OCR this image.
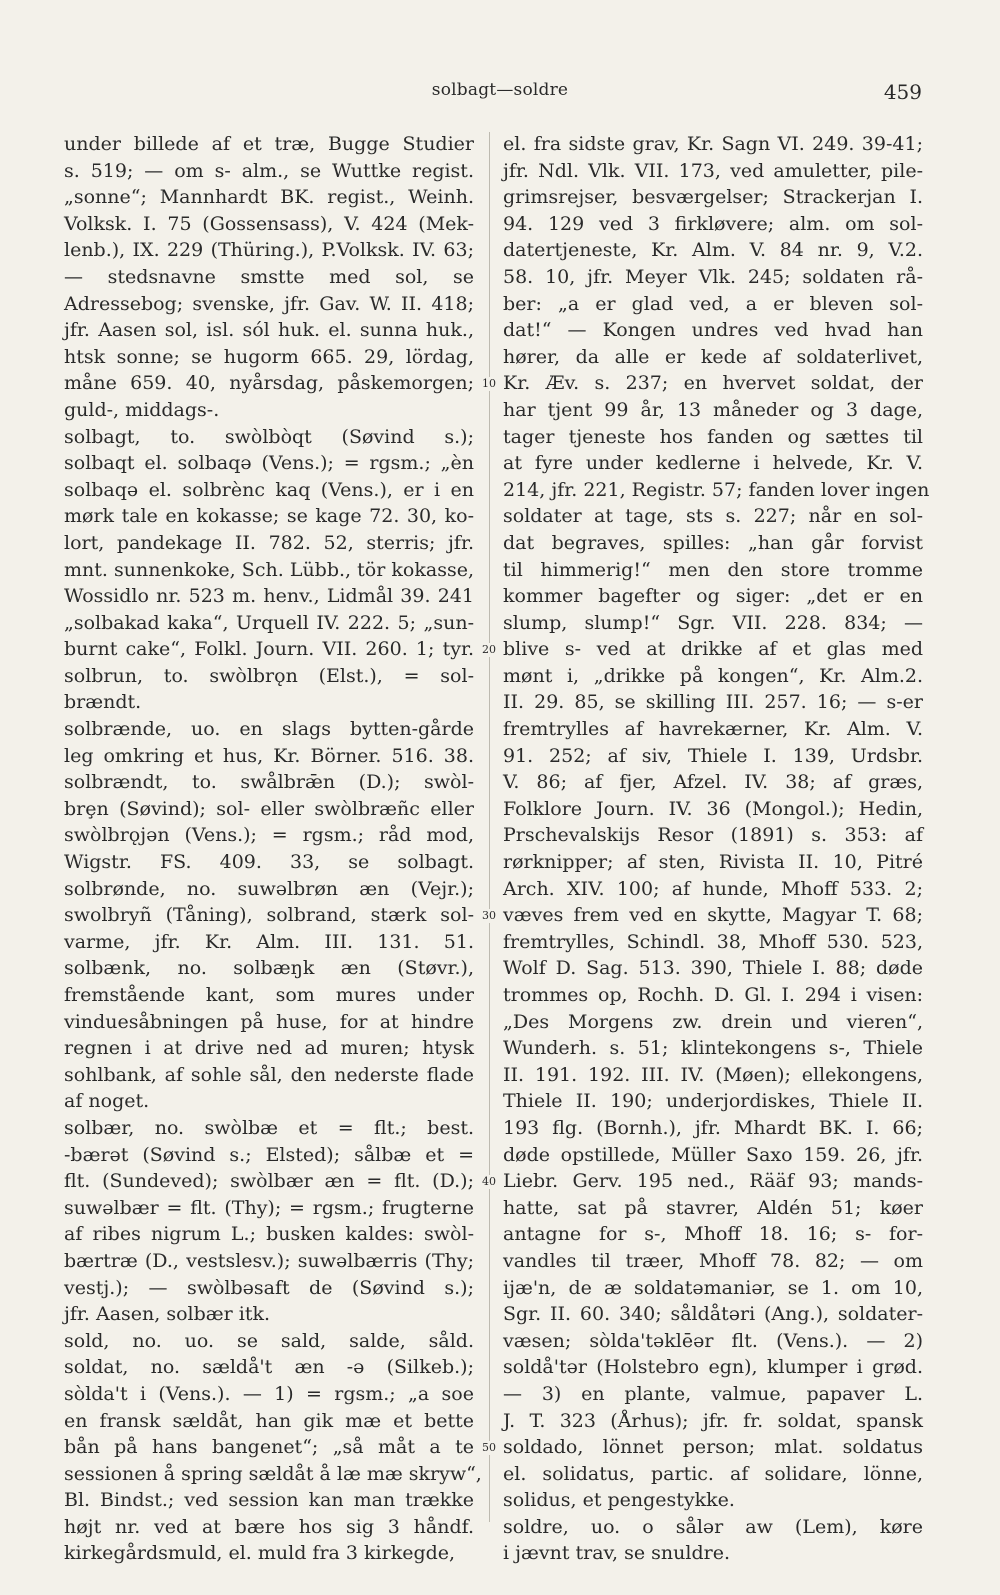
solbagt—soldre	459
under billede af et træ, Bugge Studier
s. 519; — om s- alm., se Wuttke regist.
„sonne“; Mannhardt BK. regist., Weinh.
Volksk. I. 75 (Gossensass), V. 424 (Mek-
lenb.), IX. 229 (Thüring.), P.Volksk. IV. 63;
— stedsnavne smstte med sol, se
Adressebog; svenske, jfr. Gav. W. II. 418;
jfr. Aasen sol, isl. sól huk. el. sunna huk.,
htsk sonne; se hugorm 665. 29, lördag,
måne 659. 40, nyårsdag, påskemorgen;
guld-, middags-.
solbagt, to. swòlbòqt (Søvind s.);
solbaqt el. solbaqə (Vens.); = rgsm.; „èn
solbaqə el. solbrènc kaq (Vens.), er i en
mørk tale en kokasse; se kage 72. 30, ko-
lort, pandekage II. 782. 52, sterris; jfr.
mnt. sunnenkoke, Sch. Lübb., tör kokasse,
Wossidlo nr. 523 m. henv., Lidmål 39. 241
„solbakad kaka“, Urquell IV. 222. 5; „sun-
burnt cake“, Folkl. Journ. VII. 260. 1; tyr.
solbrun, to. swòlbrǫn (Elst.), = sol-
brændt.
solbrænde, uo. en slags bytten-gårde
leg omkring et hus, Kr. Börner. 516. 38.
solbrændt, to. swålbrǣn (D.); swòl-
brȩn (Søvind); sol- eller swòlbræñc eller
swòlbrǫjən (Vens.); = rgsm.; råd mod,
Wigstr. FS. 409. 33, se solbagt.
solbrønde, no. suwəlbrøn æn (Vejr.);
swolbryñ (Tåning), solbrand, stærk sol-
varme, jfr. Kr. Alm. III. 131. 51.
solbænk, no. solbæŋk æn (Støvr.),
fremstående kant, som mures under
vinduesåbningen på huse, for at hindre
regnen i at drive ned ad muren; htysk
sohlbank, af sohle sål, den nederste flade
af noget.
solbær, no. swòlbæ et = flt.; best.
-bærət (Søvind s.; Elsted); sålbæ et =
flt. (Sundeved); swòlbær æn = flt. (D.);
suwəlbær = flt. (Thy); = rgsm.; frugterne
af ribes nigrum L.; busken kaldes: swòl-
bærtræ (D., vestslesv.); suwəlbærris (Thy;
vestj.); — swòlbəsaft de (Søvind s.);
jfr. Aasen, solbær itk.
sold, no. uo. se sald, salde, såld.
soldat, no. sældå't æn -ə (Silkeb.);
sòlda't i (Vens.). — 1) = rgsm.; „a soe
en fransk sældåt, han gik mæ et bette
bån på hans bangenet“; „så måt a te
sessionen å spring sældåt å læ mæ skryw“,
Bl. Bindst.; ved session kan man trække
højt nr. ved at bære hos sig 3 håndf.
kirkegårdsmuld, el. muld fra 3 kirkegde,
el. fra sidste grav, Kr. Sagn VI. 249. 39-41;
jfr. Ndl. Vlk. VII. 173, ved amuletter, pile-
grimsrejser, besværgelser; Strackerjan I.
94. 129 ved 3 firkløvere; alm. om sol-
datertjeneste, Kr. Alm. V. 84 nr. 9, V.2.
58. 10, jfr. Meyer Vlk. 245; soldaten rå-
ber: „a er glad ved, a er bleven sol-
dat!“ — Kongen undres ved hvad han
hører, da alle er kede af soldaterlivet,
Kr. Æv. s. 237; en hvervet soldat, der
har tjent 99 år, 13 måneder og 3 dage,
tager tjeneste hos fanden og sættes til
at fyre under kedlerne i helvede, Kr. V.
214, jfr. 221, Registr. 57; fanden lover ingen
soldater at tage, sts s. 227; når en sol-
dat begraves, spilles: „han går forvist
til himmerig!“ men den store tromme
kommer bagefter og siger: „det er en
slump, slump!“ Sgr. VII. 228. 834; —
blive s- ved at drikke af et glas med
mønt i, „drikke på kongen“, Kr. Alm.2.
II. 29. 85, se skilling III. 257. 16; — s-er
fremtrylles af havrekærner, Kr. Alm. V.
91. 252; af siv, Thiele I. 139, Urdsbr.
V. 86; af fjer, Afzel. IV. 38; af græs,
Folklore Journ. IV. 36 (Mongol.); Hedin,
Prschevalskijs Resor (1891) s. 353: af
rørknipper; af sten, Rivista II. 10, Pitré
Arch. XIV. 100; af hunde, Mhoff 533. 2;
væves frem ved en skytte, Magyar T. 68;
fremtrylles, Schindl. 38, Mhoff 530. 523,
Wolf D. Sag. 513. 390, Thiele I. 88; døde
trommes op, Rochh. D. Gl. I. 294 i visen:
„Des Morgens zw. drein und vieren“,
Wunderh. s. 51; klintekongens s-, Thiele
II. 191. 192. III. IV. (Møen); ellekongens,
Thiele II. 190; underjordiskes, Thiele II.
193 flg. (Bornh.), jfr. Mhardt BK. I. 66;
døde opstillede, Müller Saxo 159. 26, jfr.
Liebr. Gerv. 195 ned., Rääf 93; mands-
hatte, sat på stavrer, Aldén 51; køer
antagne for s-, Mhoff 18. 16; s- for-
vandles til træer, Mhoff 78. 82; — om
ijæ'n, de æ soldatəmaniər, se 1. om 10,
Sgr. II. 60. 340; såldåtəri (Ang.), soldater-
væsen; sòlda'təklēər flt. (Vens.). — 2)
soldå'tər (Holstebro egn), klumper i grød.
— 3) en plante, valmue, papaver L.
J. T. 323 (Århus); jfr. fr. soldat, spansk
soldado, lönnet person; mlat. soldatus
el. solidatus, partic. af solidare, lönne,
solidus, et pengestykke.
soldre, uo. o sålər aw (Lem), køre
i jævnt trav, se snuldre.
10
20
30
40
50
